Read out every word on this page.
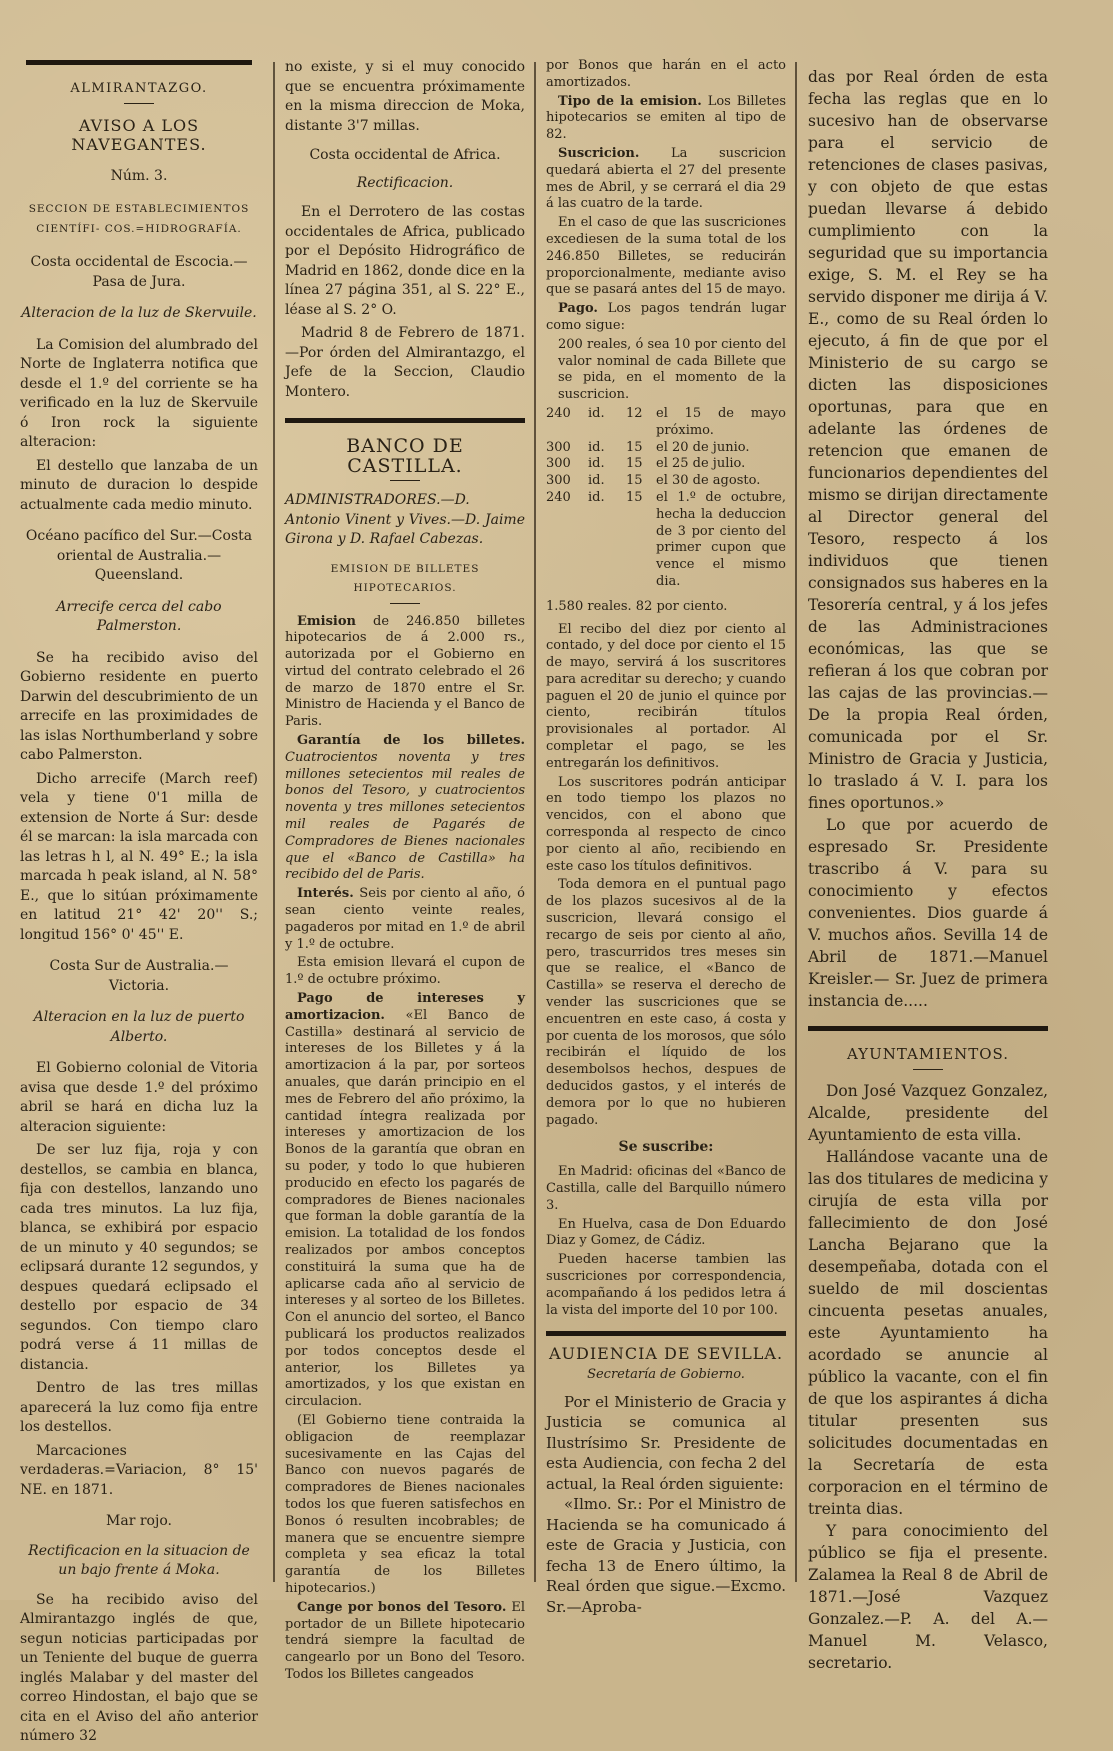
ALMIRANTAZGO.

AVISO A LOS NAVEGANTES.

Núm. 3.

SECCION DE ESTABLECIMIENTOS CIENTÍFI- COS.=HIDROGRAFÍA.

Costa occidental de Escocia.—Pasa de Jura.

Alteracion de la luz de Skervuile.

La Comision del alumbrado del Norte de Inglaterra notifica que desde el 1.º del corriente se ha verificado en la luz de Skervuile ó Iron rock la siguiente alteracion:

El destello que lanzaba de un minuto de duracion lo despide actualmente cada medio minuto.

Océano pacífico del Sur.—Costa oriental de Australia.—Queensland.

Arrecife cerca del cabo Palmerston.

Se ha recibido aviso del Gobierno residente en puerto Darwin del descubrimiento de un arrecife en las proximidades de las islas Northumberland y sobre cabo Palmerston.

Dicho arrecife (March reef) vela y tiene 0'1 milla de extension de Norte á Sur: desde él se marcan: la isla marcada con las letras h l, al N. 49° E.; la isla marcada h peak island, al N. 58° E., que lo sitúan próximamente en latitud 21° 42' 20'' S.; longitud 156° 0' 45'' E.

Costa Sur de Australia.—Victoria.

Alteracion en la luz de puerto Alberto.

El Gobierno colonial de Vitoria avisa que desde 1.º del próximo abril se hará en dicha luz la alteracion siguiente:

De ser luz fija, roja y con destellos, se cambia en blanca, fija con destellos, lanzando uno cada tres minutos. La luz fija, blanca, se exhibirá por espacio de un minuto y 40 segundos; se eclipsará durante 12 segundos, y despues quedará eclipsado el destello por espacio de 34 segundos. Con tiempo claro podrá verse á 11 millas de distancia.

Dentro de las tres millas aparecerá la luz como fija entre los destellos.

Marcaciones verdaderas.=Variacion, 8° 15' NE. en 1871.

Mar rojo.

Rectificacion en la situacion de un bajo frente á Moka.

Se ha recibido aviso del Almirantazgo inglés de que, segun noticias participadas por un Teniente del buque de guerra inglés Malabar y del master del correo Hindostan, el bajo que se cita en el Aviso del año anterior número 32

no existe, y si el muy conocido que se encuentra próximamente en la misma direccion de Moka, distante 3'7 millas.

Costa occidental de Africa.

Rectificacion.

En el Derrotero de las costas occidentales de Africa, publicado por el Depósito Hidrográfico de Madrid en 1862, donde dice en la línea 27 página 351, al S. 22° E., léase al S. 2° O.

Madrid 8 de Febrero de 1871. —Por órden del Almirantazgo, el Jefe de la Seccion, Claudio Montero.

BANCO DE CASTILLA.

ADMINISTRADORES.—D. Antonio Vinent y Vives.—D. Jaime Girona y D. Rafael Cabezas.

EMISION DE BILLETES HIPOTECARIOS.

Emision de 246.850 billetes hipotecarios de á 2.000 rs., autorizada por el Gobierno en virtud del contrato celebrado el 26 de marzo de 1870 entre el Sr. Ministro de Hacienda y el Banco de Paris.

Garantía de los billetes. Cuatrocientos noventa y tres millones setecientos mil reales de bonos del Tesoro, y cuatrocientos noventa y tres millones setecientos mil reales de Pagarés de Compradores de Bienes nacionales que el «Banco de Castilla» ha recibido del de Paris.

Interés. Seis por ciento al año, ó sean ciento veinte reales, pagaderos por mitad en 1.º de abril y 1.º de octubre.

Esta emision llevará el cupon de 1.º de octubre próximo.

Pago de intereses y amortizacion. «El Banco de Castilla» destinará al servicio de intereses de los Billetes y á la amortizacion á la par, por sorteos anuales, que darán principio en el mes de Febrero del año próximo, la cantidad íntegra realizada por intereses y amortizacion de los Bonos de la garantía que obran en su poder, y todo lo que hubieren producido en efecto los pagarés de compradores de Bienes nacionales que forman la doble garantía de la emision. La totalidad de los fondos realizados por ambos conceptos constituirá la suma que ha de aplicarse cada año al servicio de intereses y al sorteo de los Billetes. Con el anuncio del sorteo, el Banco publicará los productos realizados por todos conceptos desde el anterior, los Billetes ya amortizados, y los que existan en circulacion.

(El Gobierno tiene contraida la obligacion de reemplazar sucesivamente en las Cajas del Banco con nuevos pagarés de compradores de Bienes nacionales todos los que fueren satisfechos en Bonos ó resulten incobrables; de manera que se encuentre siempre completa y sea eficaz la total garantía de los Billetes hipotecarios.)

Cange por bonos del Tesoro. El portador de un Billete hipotecario tendrá siempre la facultad de cangearlo por un Bono del Tesoro. Todos los Billetes cangeados

por Bonos que harán en el acto amortizados.

Tipo de la emision. Los Billetes hipotecarios se emiten al tipo de 82.

Suscricion. La suscricion quedará abierta el 27 del presente mes de Abril, y se cerrará el dia 29 á las cuatro de la tarde.

En el caso de que las suscriciones excediesen de la suma total de los 246.850 Billetes, se reducirán proporcionalmente, mediante aviso que se pasará antes del 15 de mayo.

Pago. Los pagos tendrán lugar como sigue:

200 reales, ó sea 10 por ciento del valor nominal de cada Billete que se pida, en el momento de la suscricion.

240	id.	12	el 15 de mayo próximo.
300	id.	15	el 20 de junio.
300	id.	15	el 25 de julio.
300	id.	15	el 30 de agosto.
240	id.	15	el 1.º de octubre, hecha la deduccion de 3 por ciento del primer cupon que vence el mismo dia.

1.580 reales. 82 por ciento.

El recibo del diez por ciento al contado, y del doce por ciento el 15 de mayo, servirá á los suscritores para acreditar su derecho; y cuando paguen el 20 de junio el quince por ciento, recibirán títulos provisionales al portador. Al completar el pago, se les entregarán los definitivos.

Los suscritores podrán anticipar en todo tiempo los plazos no vencidos, con el abono que corresponda al respecto de cinco por ciento al año, recibiendo en este caso los títulos definitivos.

Toda demora en el puntual pago de los plazos sucesivos al de la suscricion, llevará consigo el recargo de seis por ciento al año, pero, trascurridos tres meses sin que se realice, el «Banco de Castilla» se reserva el derecho de vender las suscriciones que se encuentren en este caso, á costa y por cuenta de los morosos, que sólo recibirán el líquido de los desembolsos hechos, despues de deducidos gastos, y el interés de demora por lo que no hubieren pagado.

Se suscribe:

En Madrid: oficinas del «Banco de Castilla, calle del Barquillo número 3.

En Huelva, casa de Don Eduardo Diaz y Gomez, de Cádiz.

Pueden hacerse tambien las suscriciones por correspondencia, acompañando á los pedidos letra á la vista del importe del 10 por 100.

AUDIENCIA DE SEVILLA.

Secretaría de Gobierno.

Por el Ministerio de Gracia y Justicia se comunica al Ilustrísimo Sr. Presidente de esta Audiencia, con fecha 2 del actual, la Real órden siguiente:

«Ilmo. Sr.: Por el Ministro de Hacienda se ha comunicado á este de Gracia y Justicia, con fecha 13 de Enero último, la Real órden que sigue.—Excmo. Sr.—Aproba-

das por Real órden de esta fecha las reglas que en lo sucesivo han de observarse para el servicio de retenciones de clases pasivas, y con objeto de que estas puedan llevarse á debido cumplimiento con la seguridad que su importancia exige, S. M. el Rey se ha servido disponer me dirija á V. E., como de su Real órden lo ejecuto, á fin de que por el Ministerio de su cargo se dicten las disposiciones oportunas, para que en adelante las órdenes de retencion que emanen de funcionarios dependientes del mismo se dirijan directamente al Director general del Tesoro, respecto á los individuos que tienen consignados sus haberes en la Tesorería central, y á los jefes de las Administraciones económicas, las que se refieran á los que cobran por las cajas de las provincias.— De la propia Real órden, comunicada por el Sr. Ministro de Gracia y Justicia, lo traslado á V. I. para los fines oportunos.»

Lo que por acuerdo de espresado Sr. Presidente trascribo á V. para su conocimiento y efectos convenientes. Dios guarde á V. muchos años. Sevilla 14 de Abril de 1871.—Manuel Kreisler.— Sr. Juez de primera instancia de.....

AYUNTAMIENTOS.

Don José Vazquez Gonzalez, Alcalde, presidente del Ayuntamiento de esta villa.

Hallándose vacante una de las dos titulares de medicina y cirujía de esta villa por fallecimiento de don José Lancha Bejarano que la desempeñaba, dotada con el sueldo de mil doscientas cincuenta pesetas anuales, este Ayuntamiento ha acordado se anuncie al público la vacante, con el fin de que los aspirantes á dicha titular presenten sus solicitudes documentadas en la Secretaría de esta corporacion en el término de treinta dias.

Y para conocimiento del público se fija el presente. Zalamea la Real 8 de Abril de 1871.—José Vazquez Gonzalez.—P. A. del A.—Manuel M. Velasco, secretario.
